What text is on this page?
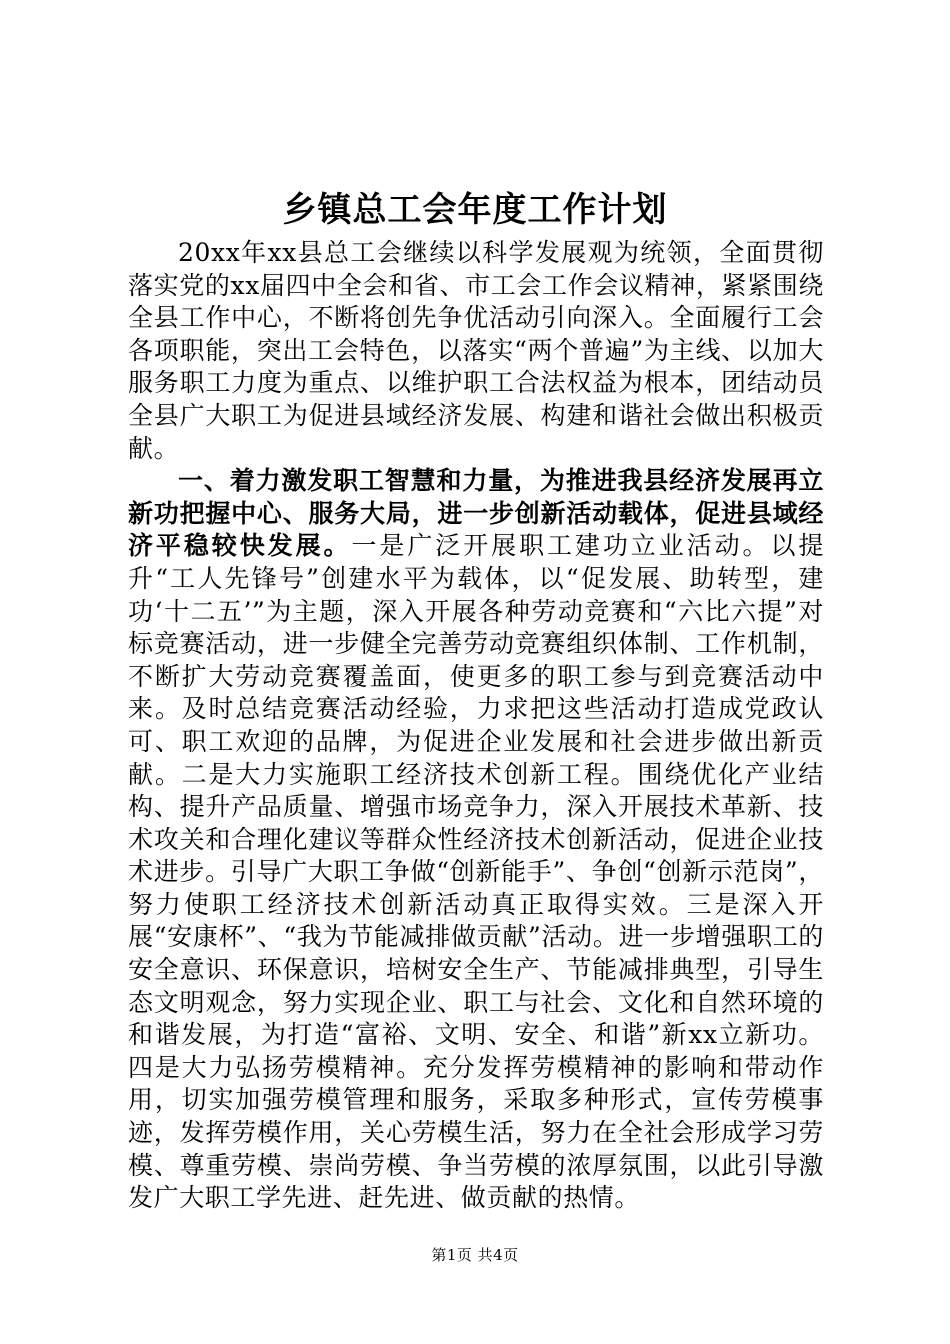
乡镇总工会年度工作计划

20xx年xx县总工会继续以科学发展观为统领，全面贯彻落实党的xx届四中全会和省、市工会工作会议精神，紧紧围绕全县工作中心，不断将创先争优活动引向深入。全面履行工会各项职能，突出工会特色，以落实“两个普遍”为主线、以加大服务职工力度为重点、以维护职工合法权益为根本，团结动员全县广大职工为促进县域经济发展、构建和谐社会做出积极贡献。

一、着力激发职工智慧和力量，为推进我县经济发展再立新功把握中心、服务大局，进一步创新活动载体，促进县域经济平稳较快发展。一是广泛开展职工建功立业活动。以提升“工人先锋号”创建水平为载体，以“促发展、助转型，建功‘十二五’”为主题，深入开展各种劳动竞赛和“六比六提”对标竞赛活动，进一步健全完善劳动竞赛组织体制、工作机制，不断扩大劳动竞赛覆盖面，使更多的职工参与到竞赛活动中来。及时总结竞赛活动经验，力求把这些活动打造成党政认可、职工欢迎的品牌，为促进企业发展和社会进步做出新贡献。二是大力实施职工经济技术创新工程。围绕优化产业结构、提升产品质量、增强市场竞争力，深入开展技术革新、技术攻关和合理化建议等群众性经济技术创新活动，促进企业技术进步。引导广大职工争做“创新能手”、争创“创新示范岗”，努力使职工经济技术创新活动真正取得实效。三是深入开展“安康杯”、“我为节能减排做贡献”活动。进一步增强职工的安全意识、环保意识，培树安全生产、节能减排典型，引导生态文明观念，努力实现企业、职工与社会、文化和自然环境的和谐发展，为打造“富裕、文明、安全、和谐”新xx立新功。四是大力弘扬劳模精神。充分发挥劳模精神的影响和带动作用，切实加强劳模管理和服务，采取多种形式，宣传劳模事迹，发挥劳模作用，关心劳模生活，努力在全社会形成学习劳模、尊重劳模、崇尚劳模、争当劳模的浓厚氛围，以此引导激发广大职工学先进、赶先进、做贡献的热情。

第1页 共4页
